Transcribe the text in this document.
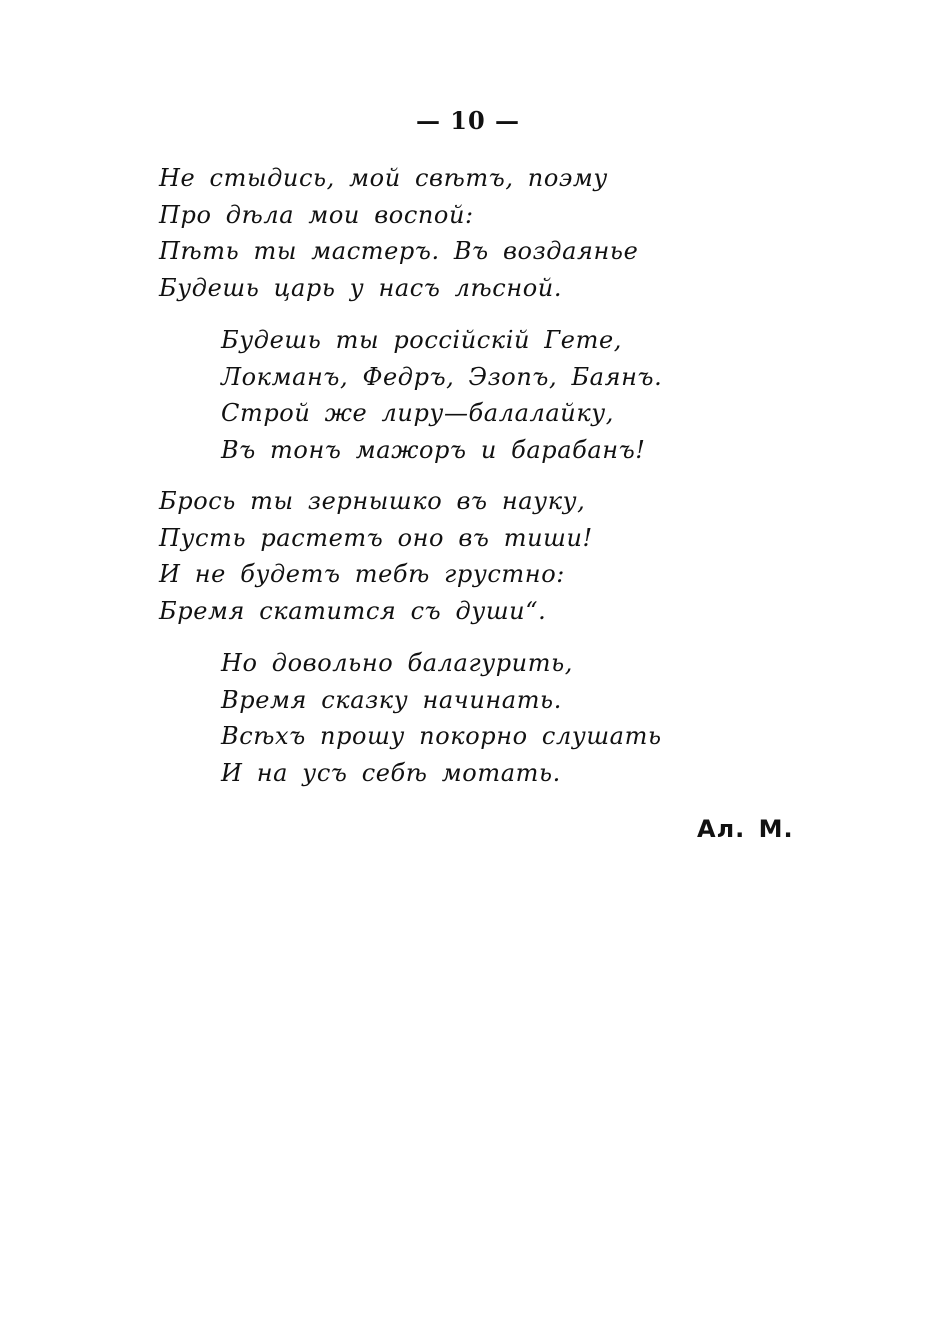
— 10 —
Не стыдись, мой свѣтъ, поэму
Про дѣла мои воспой:
Пѣть ты мастеръ. Въ воздаянье
Будешь царь у насъ лѣсной.
Будешь ты россійскій Гете,
Локманъ, Федръ, Эзопъ, Баянъ.
Строй же лиру—балалайку,
Въ тонъ мажоръ и барабанъ!
Брось ты зернышко въ науку,
Пусть растетъ оно въ тиши!
И не будетъ тебѣ грустно:
Бремя скатится съ души“.
Но довольно балагурить,
Время сказку начинать.
Всѣхъ прошу покорно слушать
И на усъ себѣ мотать.
Ал. М.
